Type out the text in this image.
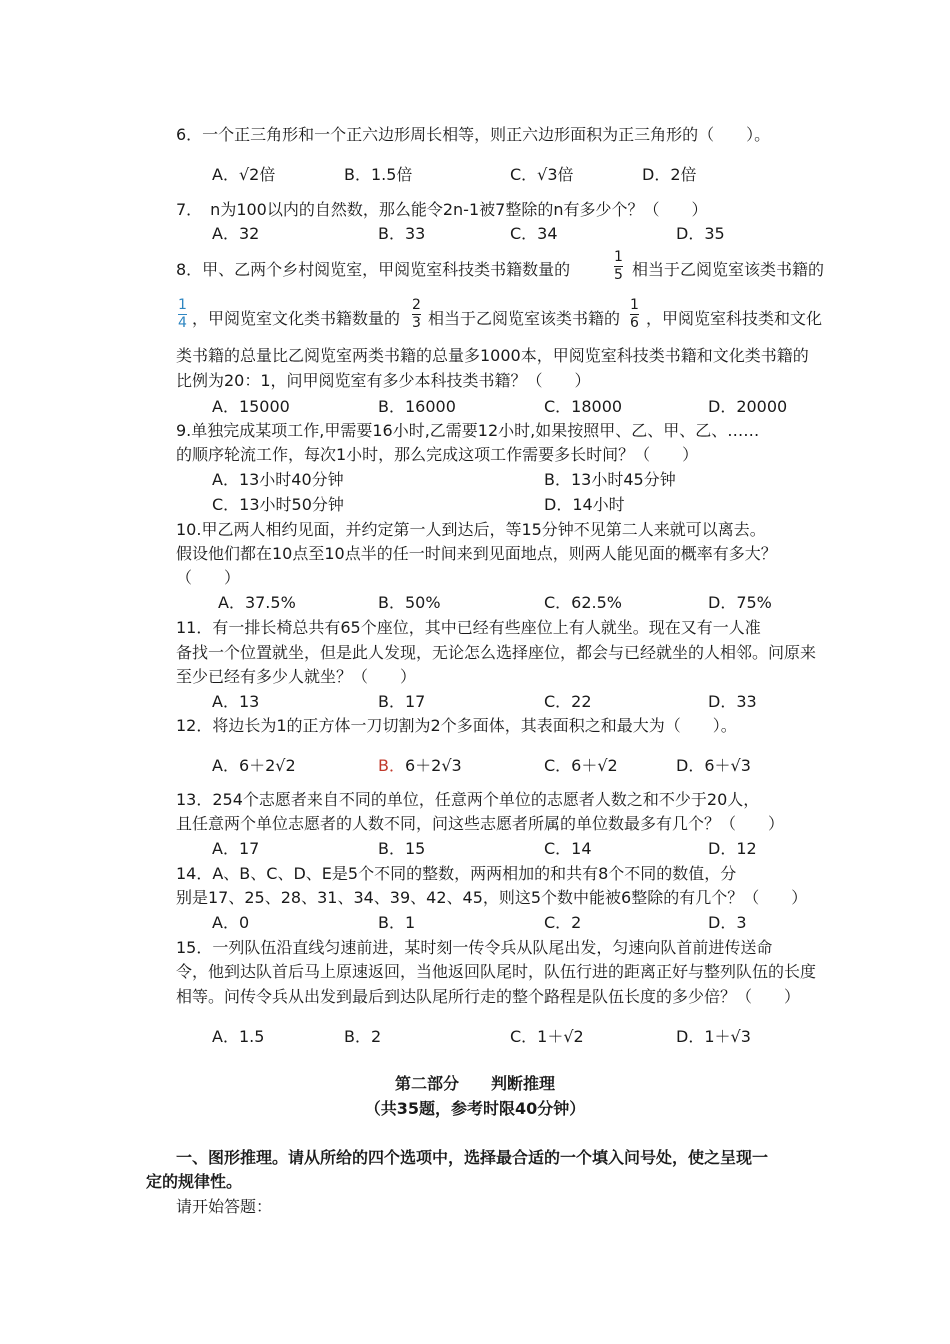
6．一个正三角形和一个正六边形周长相等，则正六边形面积为正三角形的（　　）。
A．√2倍	B．1.5倍	C．√3倍	D．2倍
7．　n为100以内的自然数，那么能令2n-1被7整除的n有多少个？（　　）
A．32	B．33	C．34	D．35
8．甲、乙两个乡村阅览室，甲阅览室科技类书籍数量的
1
5 相当于乙阅览室该类书籍的
1
4 ，甲阅览室文化类书籍数量的
2
3 相当于乙阅览室该类书籍的
1
6 ，甲阅览室科技类和文化
类书籍的总量比乙阅览室两类书籍的总量多1000本，甲阅览室科技类书籍和文化类书籍的
比例为20：1，问甲阅览室有多少本科技类书籍？（　　）
A．15000	B．16000	C．18000	D．20000
9.单独完成某项工作,甲需要16小时,乙需要12小时,如果按照甲、乙、甲、乙、……
的顺序轮流工作，每次1小时，那么完成这项工作需要多长时间？（　　）
A．13小时40分钟	B．13小时45分钟
C．13小时50分钟	D．14小时
10.甲乙两人相约见面，并约定第一人到达后，等15分钟不见第二人来就可以离去。
假设他们都在10点至10点半的任一时间来到见面地点，则两人能见面的概率有多大？
（　　）
A．37.5%	B．50%	C．62.5%	D．75%
11．有一排长椅总共有65个座位，其中已经有些座位上有人就坐。现在又有一人准
备找一个位置就坐，但是此人发现，无论怎么选择座位，都会与已经就坐的人相邻。问原来
至少已经有多少人就坐？（　　）
A．13	B．17	C．22	D．33
12．将边长为1的正方体一刀切割为2个多面体，其表面积之和最大为（　　）。
A．6＋2√2	B．6＋2√3	C．6＋√2	D．6＋√3
13．254个志愿者来自不同的单位，任意两个单位的志愿者人数之和不少于20人，
且任意两个单位志愿者的人数不同，问这些志愿者所属的单位数最多有几个？（　　）
A．17	B．15	C．14	D．12
14．A、B、C、D、E是5个不同的整数，两两相加的和共有8个不同的数值，分
别是17、25、28、31、34、39、42、45，则这5个数中能被6整除的有几个？（　　）
A．0	B．1	C．2	D．3
15．一列队伍沿直线匀速前进，某时刻一传令兵从队尾出发，匀速向队首前进传送命
令，他到达队首后马上原速返回，当他返回队尾时，队伍行进的距离正好与整列队伍的长度
相等。问传令兵从出发到最后到达队尾所行走的整个路程是队伍长度的多少倍？（　　）
A．1.5	B．2	C．1＋√2	D．1＋√3
第二部分　　判断推理
（共35题，参考时限40分钟）
一、图形推理。请从所给的四个选项中，选择最合适的一个填入问号处，使之呈现一
定的规律性。
请开始答题：
